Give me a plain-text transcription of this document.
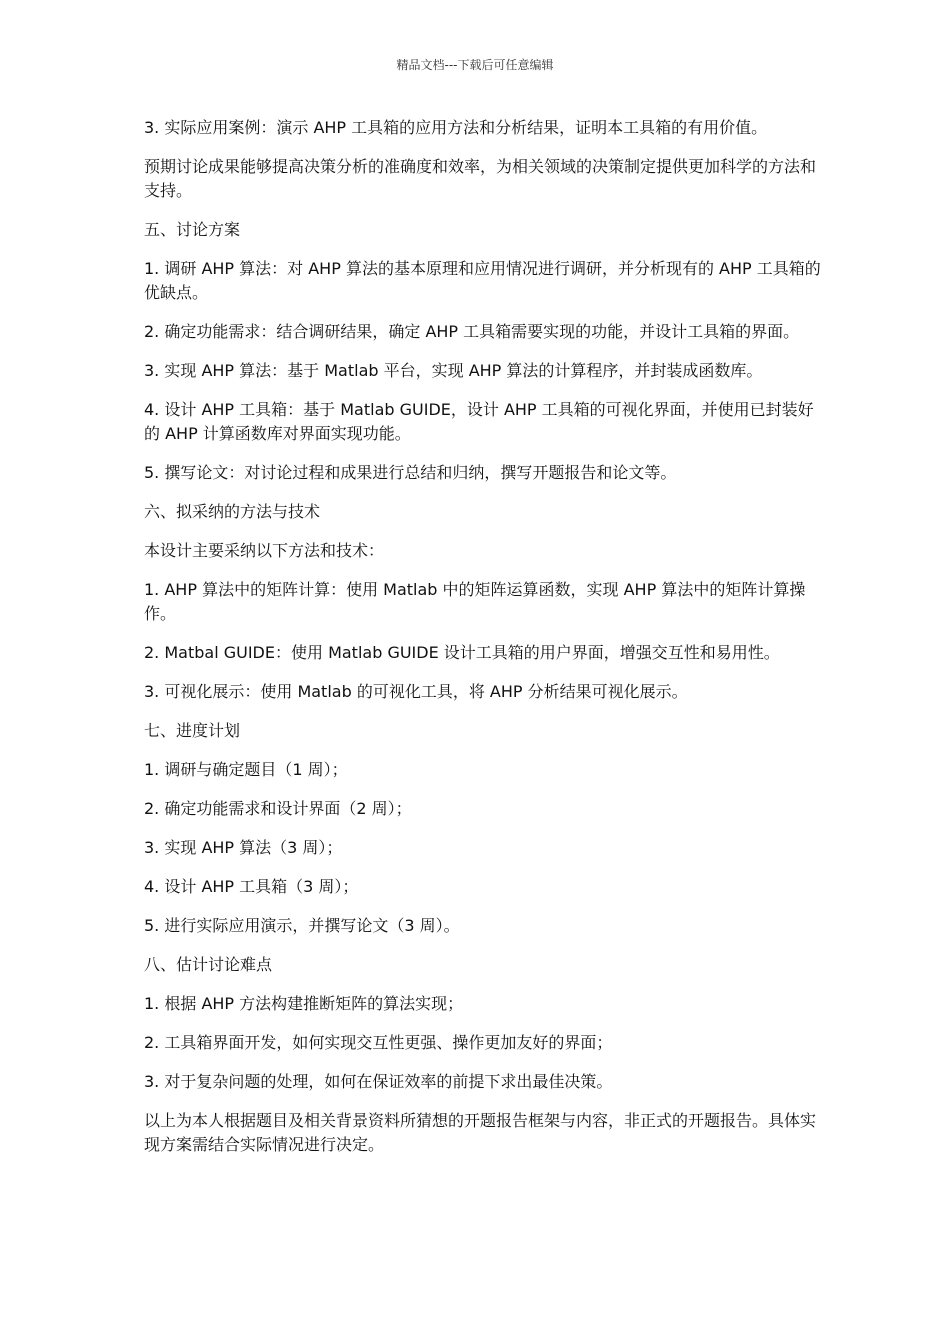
精品文档---下载后可任意编辑

3. 实际应用案例：演示 AHP 工具箱的应用方法和分析结果，证明本工具箱的有用价值。

预期讨论成果能够提高决策分析的准确度和效率，为相关领域的决策制定提供更加科学的方法和支持。

五、讨论方案

1. 调研 AHP 算法：对 AHP 算法的基本原理和应用情况进行调研，并分析现有的 AHP 工具箱的优缺点。

2. 确定功能需求：结合调研结果，确定 AHP 工具箱需要实现的功能，并设计工具箱的界面。

3. 实现 AHP 算法：基于 Matlab 平台，实现 AHP 算法的计算程序，并封装成函数库。

4. 设计 AHP 工具箱：基于 Matlab GUIDE，设计 AHP 工具箱的可视化界面，并使用已封装好的 AHP 计算函数库对界面实现功能。

5. 撰写论文：对讨论过程和成果进行总结和归纳，撰写开题报告和论文等。

六、拟采纳的方法与技术

本设计主要采纳以下方法和技术：

1. AHP 算法中的矩阵计算：使用 Matlab 中的矩阵运算函数，实现 AHP 算法中的矩阵计算操作。

2. Matbal GUIDE：使用 Matlab GUIDE 设计工具箱的用户界面，增强交互性和易用性。

3. 可视化展示：使用 Matlab 的可视化工具，将 AHP 分析结果可视化展示。

七、进度计划

1. 调研与确定题目（1 周）；

2. 确定功能需求和设计界面（2 周）；

3. 实现 AHP 算法（3 周）；

4. 设计 AHP 工具箱（3 周）；

5. 进行实际应用演示，并撰写论文（3 周）。

八、估计讨论难点

1. 根据 AHP 方法构建推断矩阵的算法实现；

2. 工具箱界面开发，如何实现交互性更强、操作更加友好的界面；

3. 对于复杂问题的处理，如何在保证效率的前提下求出最佳决策。

以上为本人根据题目及相关背景资料所猜想的开题报告框架与内容，非正式的开题报告。具体实现方案需结合实际情况进行决定。
